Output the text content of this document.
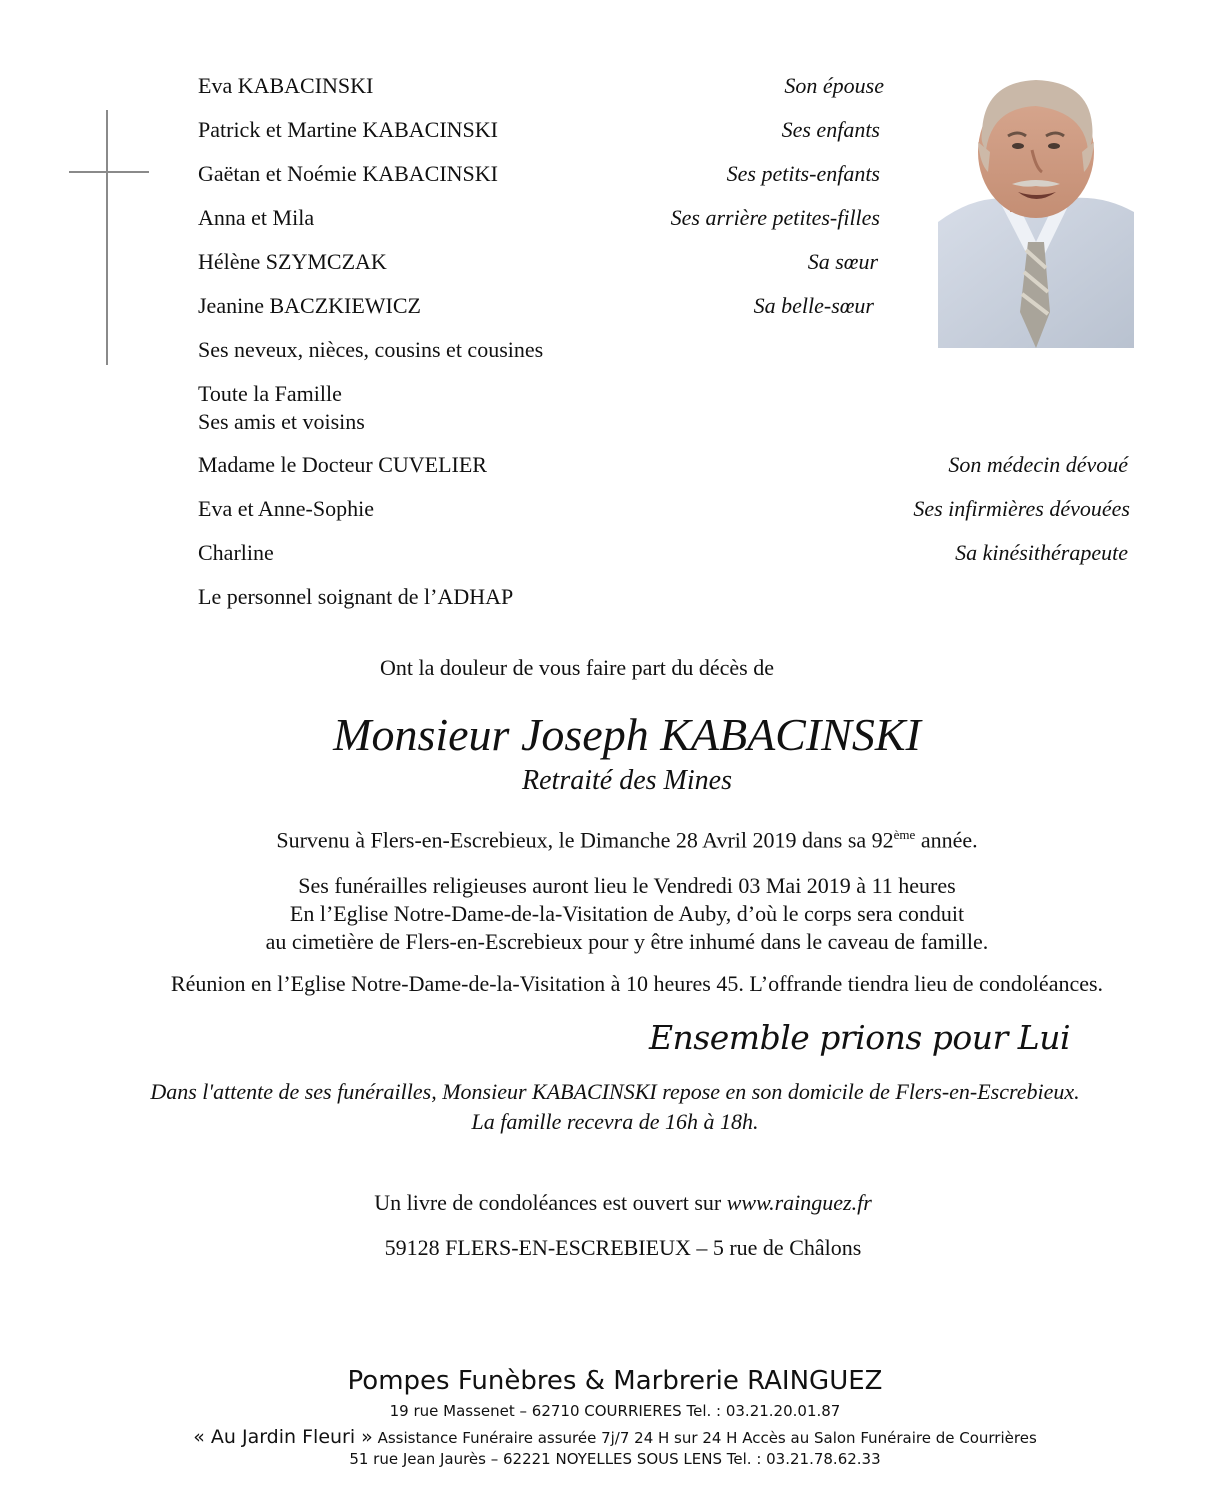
Eva KABACINSKI	Son épouse
Patrick et Martine KABACINSKI	Ses enfants
Gaëtan et Noémie KABACINSKI	Ses petits-enfants
Anna et Mila	Ses arrière petites-filles
Hélène SZYMCZAK	Sa sœur
Jeanine BACZKIEWICZ	Sa belle-sœur
Ses neveux, nièces, cousins et cousines
Toute la Famille
Ses amis et voisins
Madame le Docteur CUVELIER	Son médecin dévoué
Eva et Anne-Sophie	Ses infirmières dévouées
Charline	Sa kinésithérapeute
Le personnel soignant de l’ADHAP
Ont la douleur de vous faire part du décès de
Monsieur Joseph KABACINSKI
Retraité des Mines
Survenu à Flers-en-Escrebieux, le Dimanche 28 Avril 2019 dans sa 92ème année.
Ses funérailles religieuses auront lieu le Vendredi 03 Mai 2019 à 11 heures
En l’Eglise Notre-Dame-de-la-Visitation de Auby, d’où le corps sera conduit
au cimetière de Flers-en-Escrebieux pour y être inhumé dans le caveau de famille.
Réunion en l’Eglise Notre-Dame-de-la-Visitation à 10 heures 45. L’offrande tiendra lieu de condoléances.
Ensemble prions pour Lui
Dans l'attente de ses funérailles, Monsieur KABACINSKI repose en son domicile de Flers-en-Escrebieux.
La famille recevra de 16h à 18h.
Un livre de condoléances est ouvert sur www.rainguez.fr
59128 FLERS-EN-ESCREBIEUX – 5 rue de Châlons
Pompes Funèbres & Marbrerie RAINGUEZ
19 rue Massenet – 62710 COURRIERES Tel. : 03.21.20.01.87
« Au Jardin Fleuri » Assistance Funéraire assurée 7j/7 24 H sur 24 H Accès au Salon Funéraire de Courrières
51 rue Jean Jaurès – 62221 NOYELLES SOUS LENS Tel. : 03.21.78.62.33
